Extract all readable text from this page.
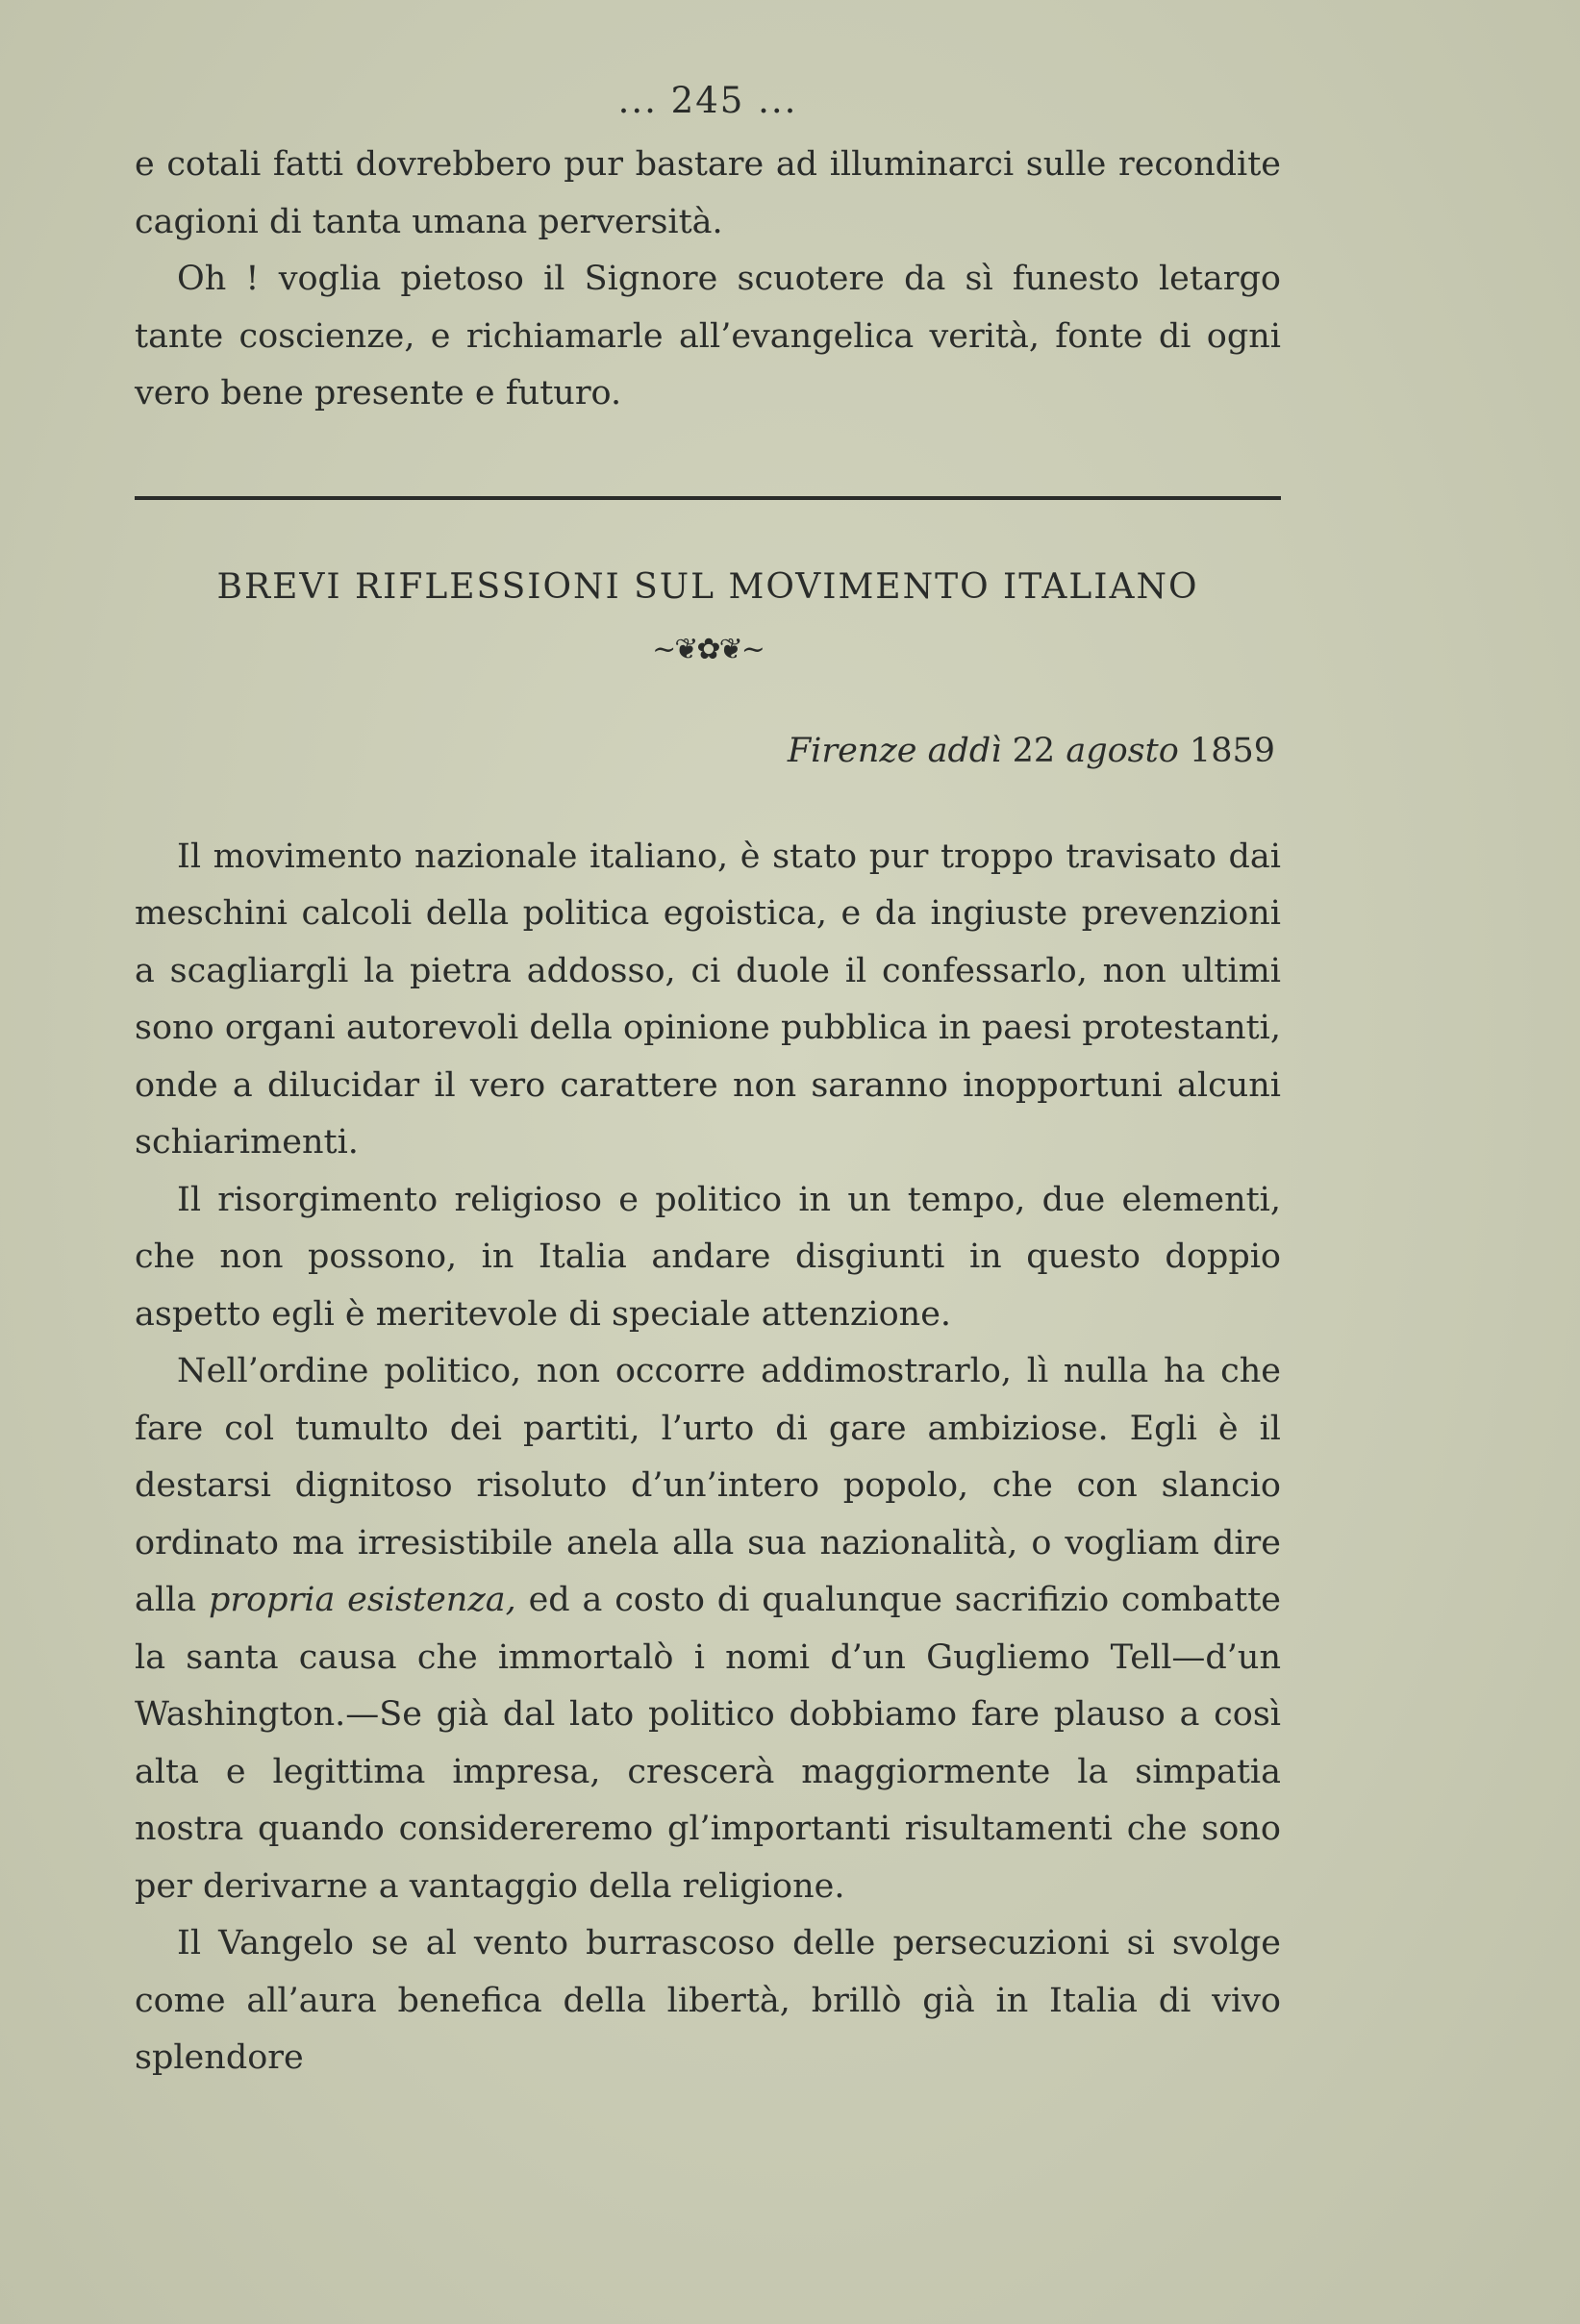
... 245 ...

e cotali fatti dovrebbero pur bastare ad illuminarci sulle recondite cagioni di tanta umana perversità.

Oh ! voglia pietoso il Signore scuotere da sì funesto letargo tante coscienze, e richiamarle all’evangelica verità, fonte di ogni vero bene presente e futuro.

BREVI RIFLESSIONI SUL MOVIMENTO ITALIANO
~❦✿❦~
Firenze addì 22 agosto 1859

Il movimento nazionale italiano, è stato pur troppo travisato dai meschini calcoli della politica egoistica, e da ingiuste prevenzioni a scagliargli la pietra addosso, ci duole il confessarlo, non ultimi sono organi autorevoli della opinione pubblica in paesi protestanti, onde a dilucidar il vero carattere non saranno inopportuni alcuni schiarimenti.

Il risorgimento religioso e politico in un tempo, due elementi, che non possono, in Italia andare disgiunti in questo doppio aspetto egli è meritevole di speciale attenzione.

Nell’ordine politico, non occorre addimostrarlo, lì nulla ha che fare col tumulto dei partiti, l’urto di gare ambiziose. Egli è il destarsi dignitoso risoluto d’un’intero popolo, che con slancio ordinato ma irresistibile anela alla sua nazionalità, o vogliam dire alla propria esistenza, ed a costo di qualunque sacrifizio combatte la santa causa che immortalò i nomi d’un Gugliemo Tell—d’un Washington.—Se già dal lato politico dobbiamo fare plauso a così alta e legittima impresa, crescerà maggiormente la simpatia nostra quando considereremo gl’importanti risultamenti che sono per derivarne a vantaggio della religione.

Il Vangelo se al vento burrascoso delle persecuzioni si svolge come all’aura benefica della libertà, brillò già in Italia di vivo splendore
